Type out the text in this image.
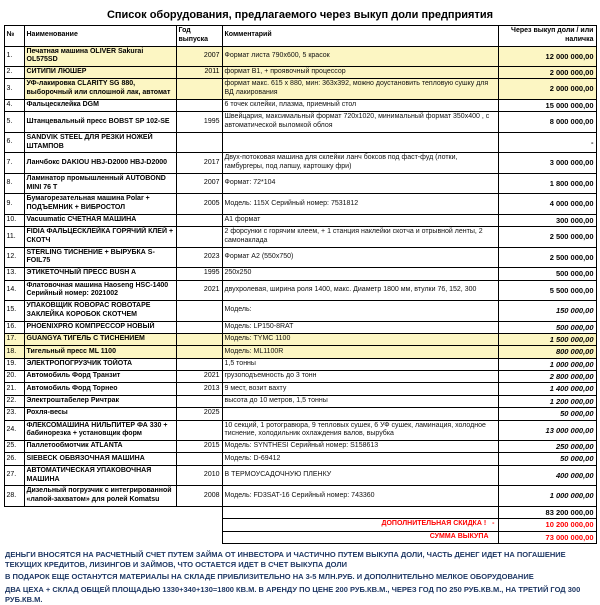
Список оборудования, предлагаемого через выкуп доли предприятия
№	Наименование	Год выпуска	Комментарий	Через выкуп доли / или наличка
1.	Печатная машина OLIVER Sakurai OL575SD	2007	Формат листа 790х600, 5 красок	12 000 000,00
2.	СИТИПИ ЛЮШЕР	2011	формат В1, + проявочный процессор	2 000 000,00
3.	УФ-лакировка CLARITY SG 880, выборочный или сплошной лак, автомат		формат макс. 615 х 880, мин: 363х392, можно доустановить тепловую сушку для ВД лакирования	2 000 000,00
4.	Фальцесклейка DGM		6 точек склейки, плазма, приемный стол	15 000 000,00
5.	Штанцевальный пресс BOBST SP 102-SE	1995	Швейцария, максимальный формат 720х1020, минимальный формат 350х400 , с автоматической выломкой облоя	8 000 000,00
6.	SANDVIK STEEL ДЛЯ РЕЗКИ НОЖЕЙ ШТАМПОВ			-
7.	Ланчбокс DAKIOU HBJ-D2000 HBJ-D2000	2017	Двух-потоковая машина для склейки ланч боксов под фаст-фуд (лотки, гамбургеры, под лапшу, картошку фри)	3 000 000,00
8.	Ламинатор промышленный AUTOBOND MINI 76 Т	2007	Формат: 72*104	1 800 000,00
9.	Бумагорезательная машина Polar + ПОДЪЕМНИК + ВИБРОСТОЛ	2005	Модель: 115X Серийный номер: 7531812	4 000 000,00
10.	Vacuumatic СЧЕТНАЯ МАШИНА		А1 формат	300 000,00
11.	FIDIA ФАЛЬЦЕСКЛЕЙКА ГОРЯЧИЙ КЛЕЙ + СКОТЧ		2 форсунки с горячим клеем, + 1 станция наклейки скотча и отрывной ленты, 2 самонаклада	2 500 000,00
12.	STERLING ТИСНЕНИЕ + ВЫРУБКА S-FOIL75	2023	Формат А2 (550х750)	2 500 000,00
13.	ЭТИКЕТОЧНЫЙ ПРЕСС BUSH A	1995	250х250	500 000,00
14.	Флатовочная машина Haoseng HSC-1400 Серийный номер: 2021002	2021	двухролевая, ширина роля 1400, макс. Диаметр 1800 мм, втулки 76, 152, 300	5 500 000,00
15.	УПАКОВЩИК ROBOPAC ROBOTAPE ЗАКЛЕЙКА КОРОБОК СКОТЧЕМ		Модель:	150 000,00
16.	PHOENIXPRO КОМПРЕССОР НОВЫЙ		Модель: LP150-8RAT	500 000,00
17.	GUANGYA ТИГЕЛЬ С ТИСНЕНИЕМ		Модель: TYMC 1100	1 500 000,00
18.	Тигельный пресс ML 1100		Модель: ML1100R	800 000,00
19.	ЭЛЕКТРОПОГРУЗЧИК ТОЙОТА		1,5 тонны	1 000 000,00
20.	Автомобиль Форд Транзит	2021	грузоподъемность до 3 тонн	2 800 000,00
21.	Автомобиль Форд Торнео	2013	9 мест, возит вахту	1 400 000,00
22.	Электроштабелер Ричтрак		высота до 10 метров, 1,5 тонны	1 200 000,00
23.	Рохля-весы	2025		50 000,00
24.	ФЛЕКСОМАШИНА НИЛЬПИТЕР ФА 330 + бабинорезка + установщик форм		10 секций, 1 ротогравюра, 9 тепловых сушек, 6 УФ сушек, ламинация, холодное тиснение, холодильник охлаждения валов, вырубка	13 000 000,00
25.	Паллетообмотчик ATLANTA	2015	Модель: SYNTHESI Серийный номер: S158613	250 000,00
26.	SIEBECK ОБВЯЗОЧНАЯ МАШИНА		Модель: D-69412	50 000,00
27.	АВТОМАТИЧЕСКАЯ УПАКОВОЧНАЯ МАШИНА	2010	В ТЕРМОУСАДОЧНУЮ ПЛЕНКУ	400 000,00
28.	Дизельный погрузчик с интегрированной «лапой-захватом» для ролей Komatsu	2008	Модель: FD3SAT-16 Серийный номер: 743360	1 000 000,00

			83 200 000,00

			ДОПОЛНИТЕЛЬНАЯ СКИДКА ! -	10 200 000,00

			СУММА ВЫКУПА	73 000 000,00

ДЕНЬГИ ВНОСЯТСЯ НА РАСЧЕТНЫЙ СЧЕТ ПУТЕМ ЗАЙМА ОТ ИНВЕСТОРА И ЧАСТИЧНО ПУТЕМ ВЫКУПА ДОЛИ, ЧАСТЬ ДЕНЕГ ИДЕТ НА ПОГАШЕНИЕ ТЕКУЩИХ КРЕДИТОВ, ЛИЗИНГОВ И ЗАЙМОВ, ЧТО ОСТАЕТСЯ ИДЕТ В СЧЕТ ВЫКУПА ДОЛИ

В ПОДАРОК ЕЩЕ ОСТАНУТСЯ МАТЕРИАЛЫ НА СКЛАДЕ ПРИБЛИЗИТЕЛЬНО НА 3-5 МЛН.РУБ. И ДОПОЛНИТЕЛЬНО МЕЛКОЕ ОБОРУДОВАНИЕ

ДВА ЦЕХА + СКЛАД ОБЩЕЙ ПЛОЩАДЬЮ 1330+340+130=1800 КВ.М. В АРЕНДУ ПО ЦЕНЕ 200 РУБ.КВ.М., ЧЕРЕЗ ГОД ПО 250 РУБ.КВ.М., НА ТРЕТИЙ ГОД 300 РУБ.КВ.М.
